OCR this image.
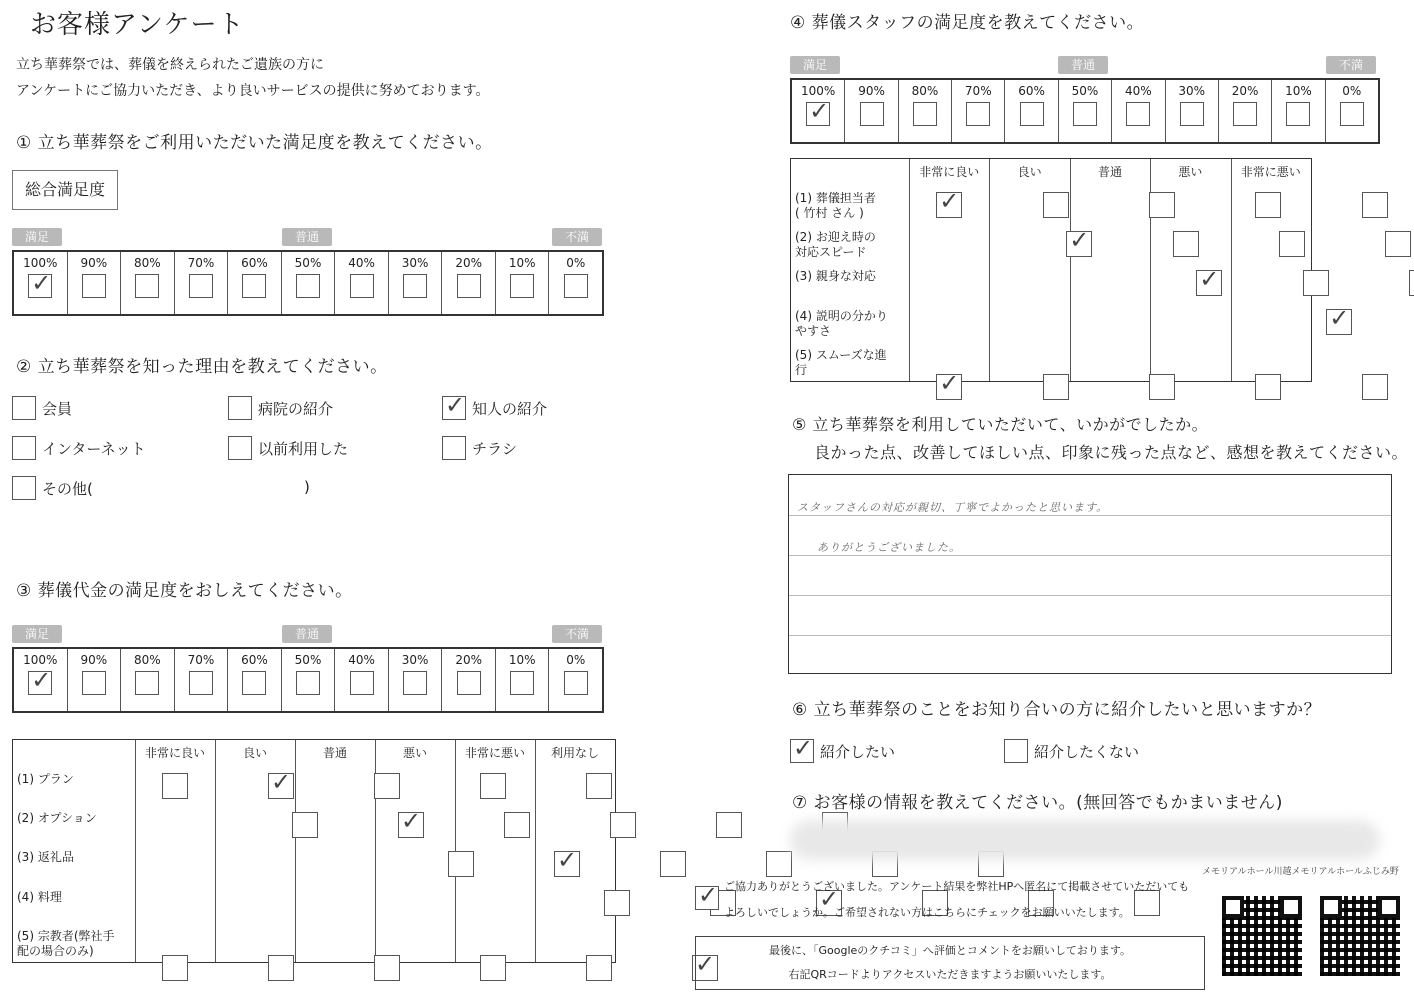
お客様アンケート
立ち華葬祭では、葬儀を終えられたご遺族の方に
アンケートにご協力いただき、より良いサービスの提供に努めております。
① 立ち華葬祭をご利用いただいた満足度を教えてください。
総合満足度
満足	普通	不満
100%
✓	90%	80%	70%	60%	50%	40%	30%	20%	10%	0%
② 立ち華葬祭を知った理由を教えてください。
会員	病院の紹介
✓	知人の紹介
インターネット	以前利用した	チラシ
その他(	)
③ 葬儀代金の満足度をおしえてください。
満足	普通	不満
100%
✓	90%	80%	70%	60%	50%	40%	30%	20%	10%	0%
非常に良い	良い	普通	悪い	非常に悪い	利用なし
(1) プラン
✓
(2) オプション
✓
(3) 返礼品
✓
(4) 料理
✓
(5) 宗教者(弊社手
配の場合のみ)
✓
④ 葬儀スタッフの満足度を教えてください。
満足	普通	不満
100%
✓	90%	80%	70%	60%	50%	40%	30%	20%	10%	0%
非常に良い	良い	普通	悪い	非常に悪い
(1) 葬儀担当者
( 竹村 さん )
✓
(2) お迎え時の
対応スピード
✓
(3) 親身な対応
✓
(4) 説明の分かり
やすさ
✓
(5) スムーズな進
行
✓
⑤ 立ち華葬祭を利用していただいて、いかがでしたか。
良かった点、改善してほしい点、印象に残った点など、感想を教えてください。
スタッフさんの対応が親切、丁寧でよかったと思います。
ありがとうございました。
⑥ 立ち華葬祭のことをお知り合いの方に紹介したいと思いますか？
✓
紹介したい	紹介したくない
⑦ お客様の情報を教えてください。(無回答でもかまいません)
メモリアルホール川越メモリアルホールふじみ野
✓
ご協力ありがとうございました。アンケート結果を弊社HPへ匿名にて掲載させていただいても
よろしいでしょうか。ご希望されない方はこちらにチェックをお願いいたします。
最後に、「Googleのクチコミ」へ評価とコメントをお願いしております。
右記QRコードよりアクセスいただきますようお願いいたします。
